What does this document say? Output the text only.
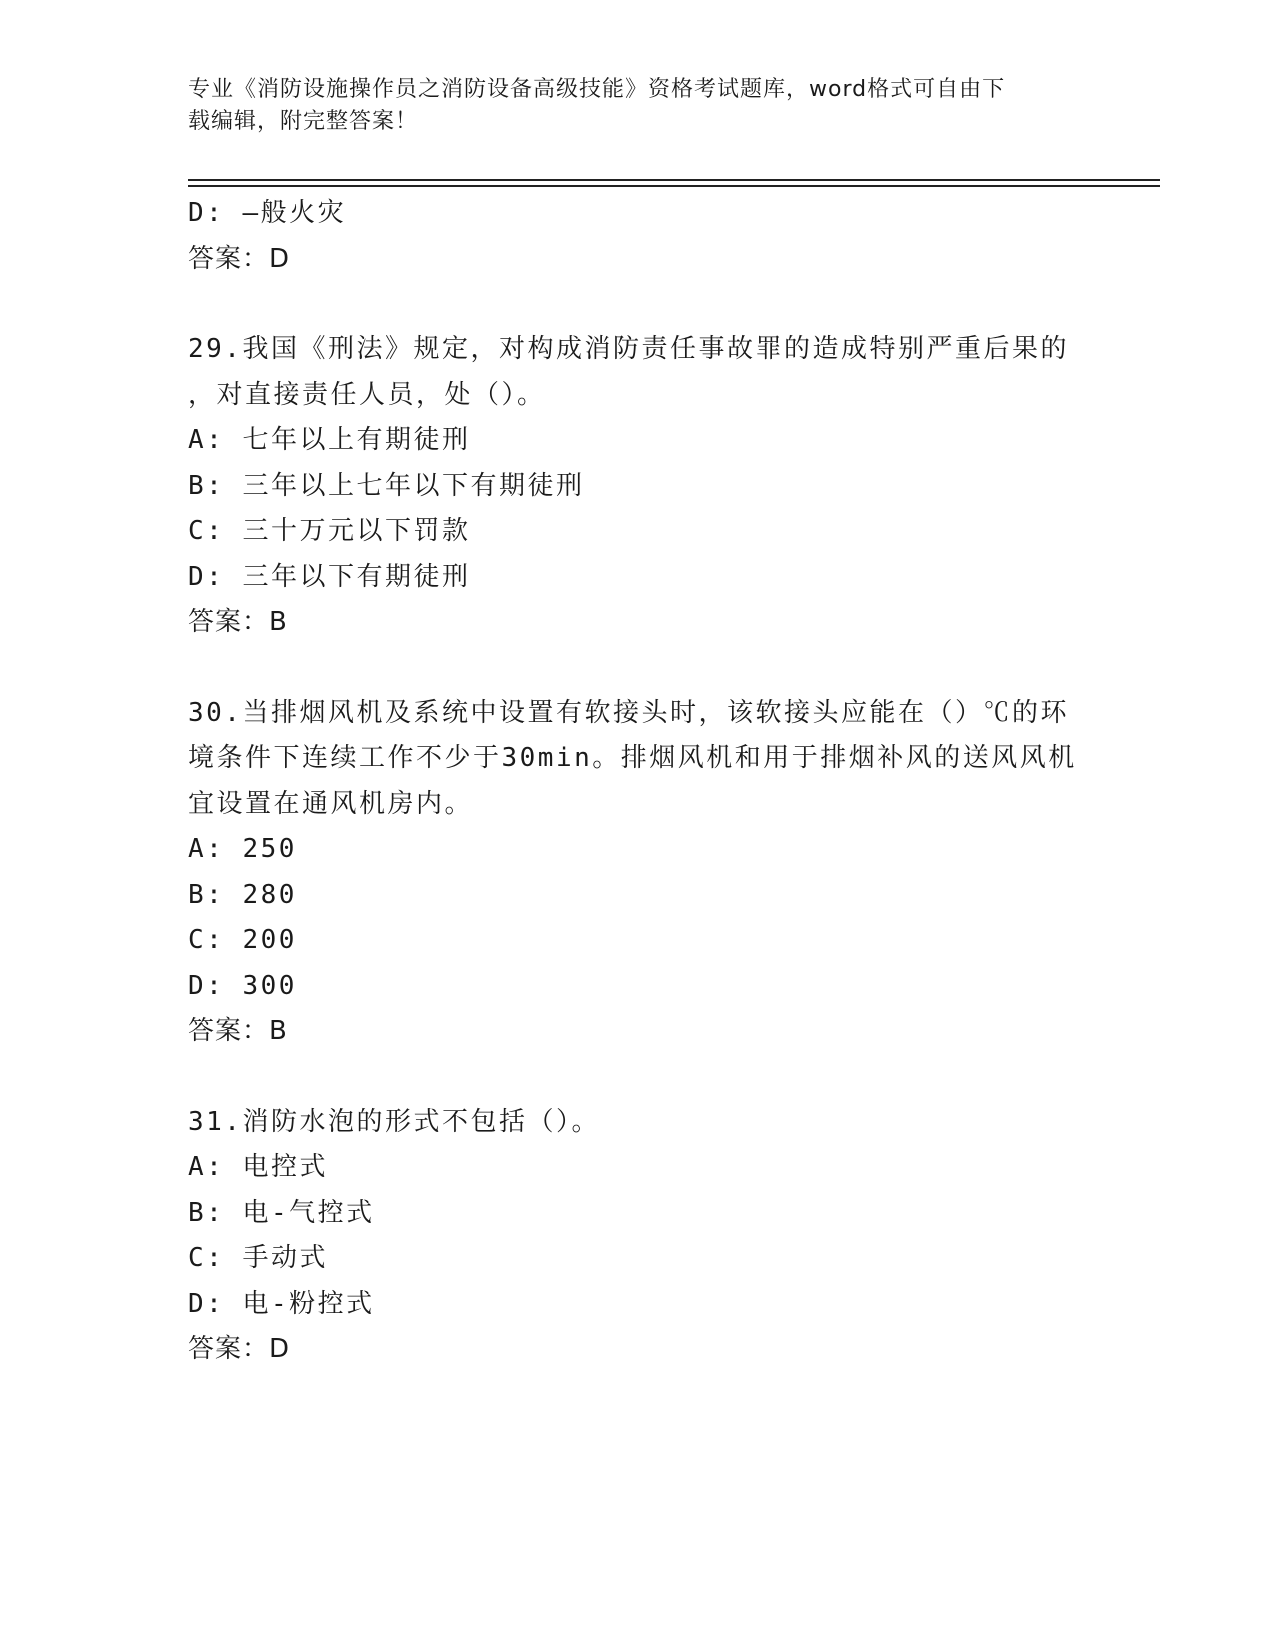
专业《消防设施操作员之消防设备高级技能》资格考试题库，word格式可自由下
载编辑，附完整答案！
D: —般火灾
答案：D
29.我国《刑法》规定，对构成消防责任事故罪的造成特别严重后果的
，对直接责任人员，处（）。
A: 七年以上有期徒刑
B: 三年以上七年以下有期徒刑
C: 三十万元以下罚款
D: 三年以下有期徒刑
答案：B
30.当排烟风机及系统中设置有软接头时，该软接头应能在（）℃的环
境条件下连续工作不少于30min。排烟风机和用于排烟补风的送风风机
宜设置在通风机房内。
A: 250
B: 280
C: 200
D: 300
答案：B
31.消防水泡的形式不包括（）。
A: 电控式
B: 电-气控式
C: 手动式
D: 电-粉控式
答案：D
